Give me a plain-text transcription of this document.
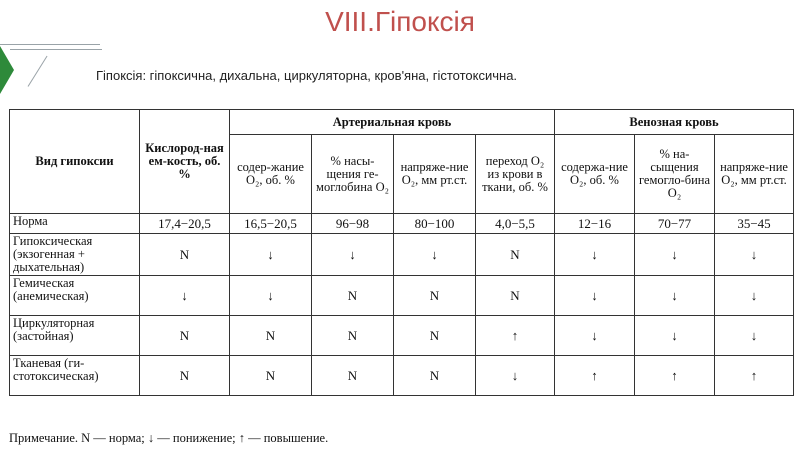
VIII.Гіпоксія
Гіпоксія: гіпоксична, дихальна, циркуляторна, кров'яна, гістотоксична.
Вид гипоксии	Кислород-ная ем-кость, об. %	Артериальная кровь				Венозная кровь		
		содер-жание O₂, об. %	% насы-щения ге-моглобина O₂	напряже-ние O₂, мм рт.ст.	переход O₂ из крови в ткани, об. %	содержа-ние O₂, об. %	% на-сыщения гемогло-бина O₂	напряже-ние O₂, мм рт.ст.
Норма	17,4−20,5	16,5−20,5	96−98	80−100	4,0−5,5	12−16	70−77	35−45
Гипоксическая (экзогенная + дыхательная)	N	↓	↓	↓	N	↓	↓	↓
Гемическая (анемическая)	↓	↓	N	N	N	↓	↓	↓
Циркуляторная (застойная)	N	N	N	N	↑	↓	↓	↓
Тканевая (ги-стотоксическая)	N	N	N	N	↓	↑	↑	↑
Примечание. N — норма; ↓ — понижение; ↑ — повышение.
